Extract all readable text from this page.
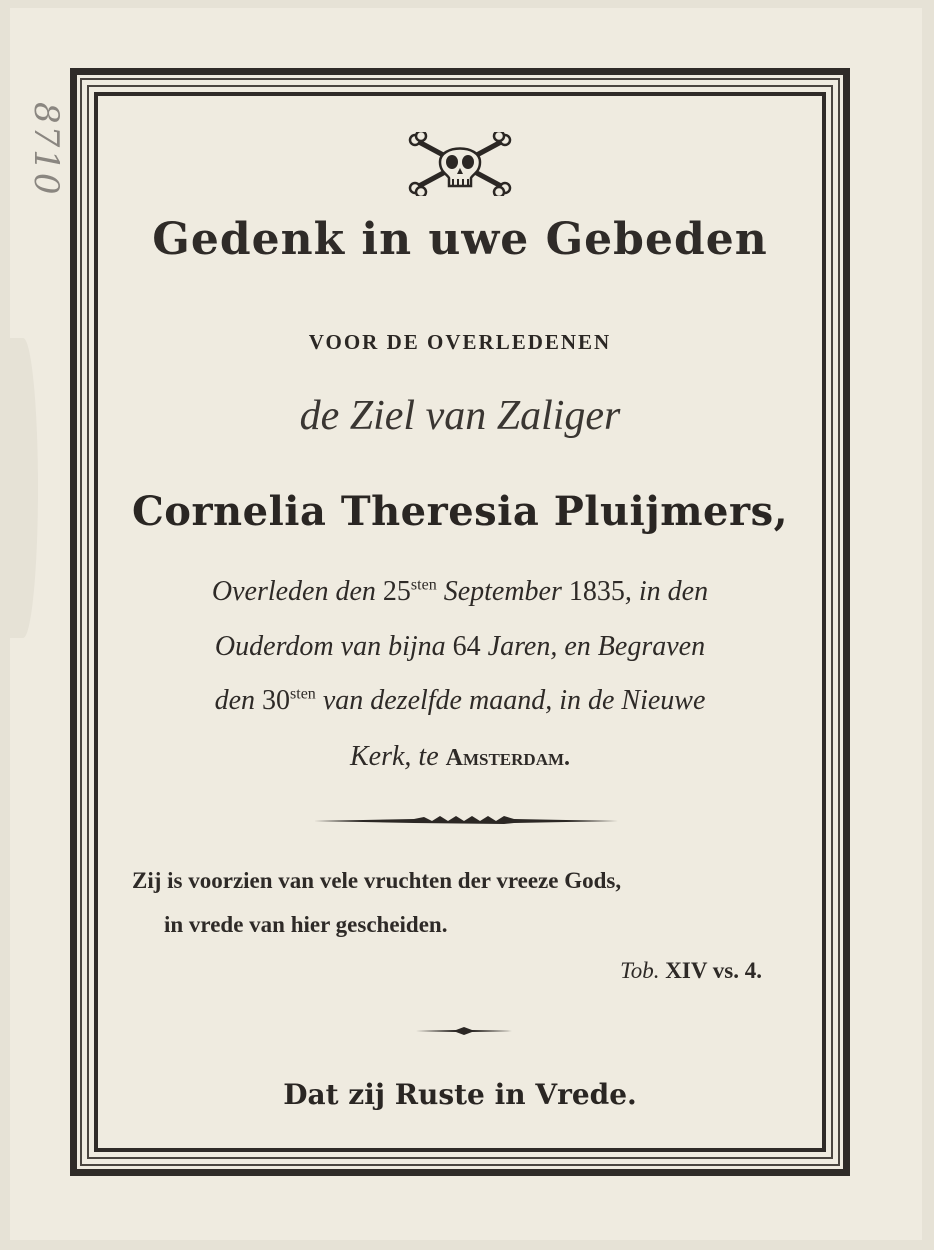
8710
Gedenk in uwe Gebeden
VOOR DE OVERLEDENEN
de Ziel van Zaliger
Cornelia Theresia Pluijmers,
Overleden den $25^{sten}$ September 1835, in den
Ouderdom van bijna 64 Jaren, en Begraven
den $30^{sten}$ van dezelfde maand, in de Nieuwe
Kerk, te Amsterdam.
Zij is voorzien van vele vruchten der vreeze Gods,
in vrede van hier gescheiden.
Tob. XIV vs. 4.
Dat zij Ruste in Vrede.
